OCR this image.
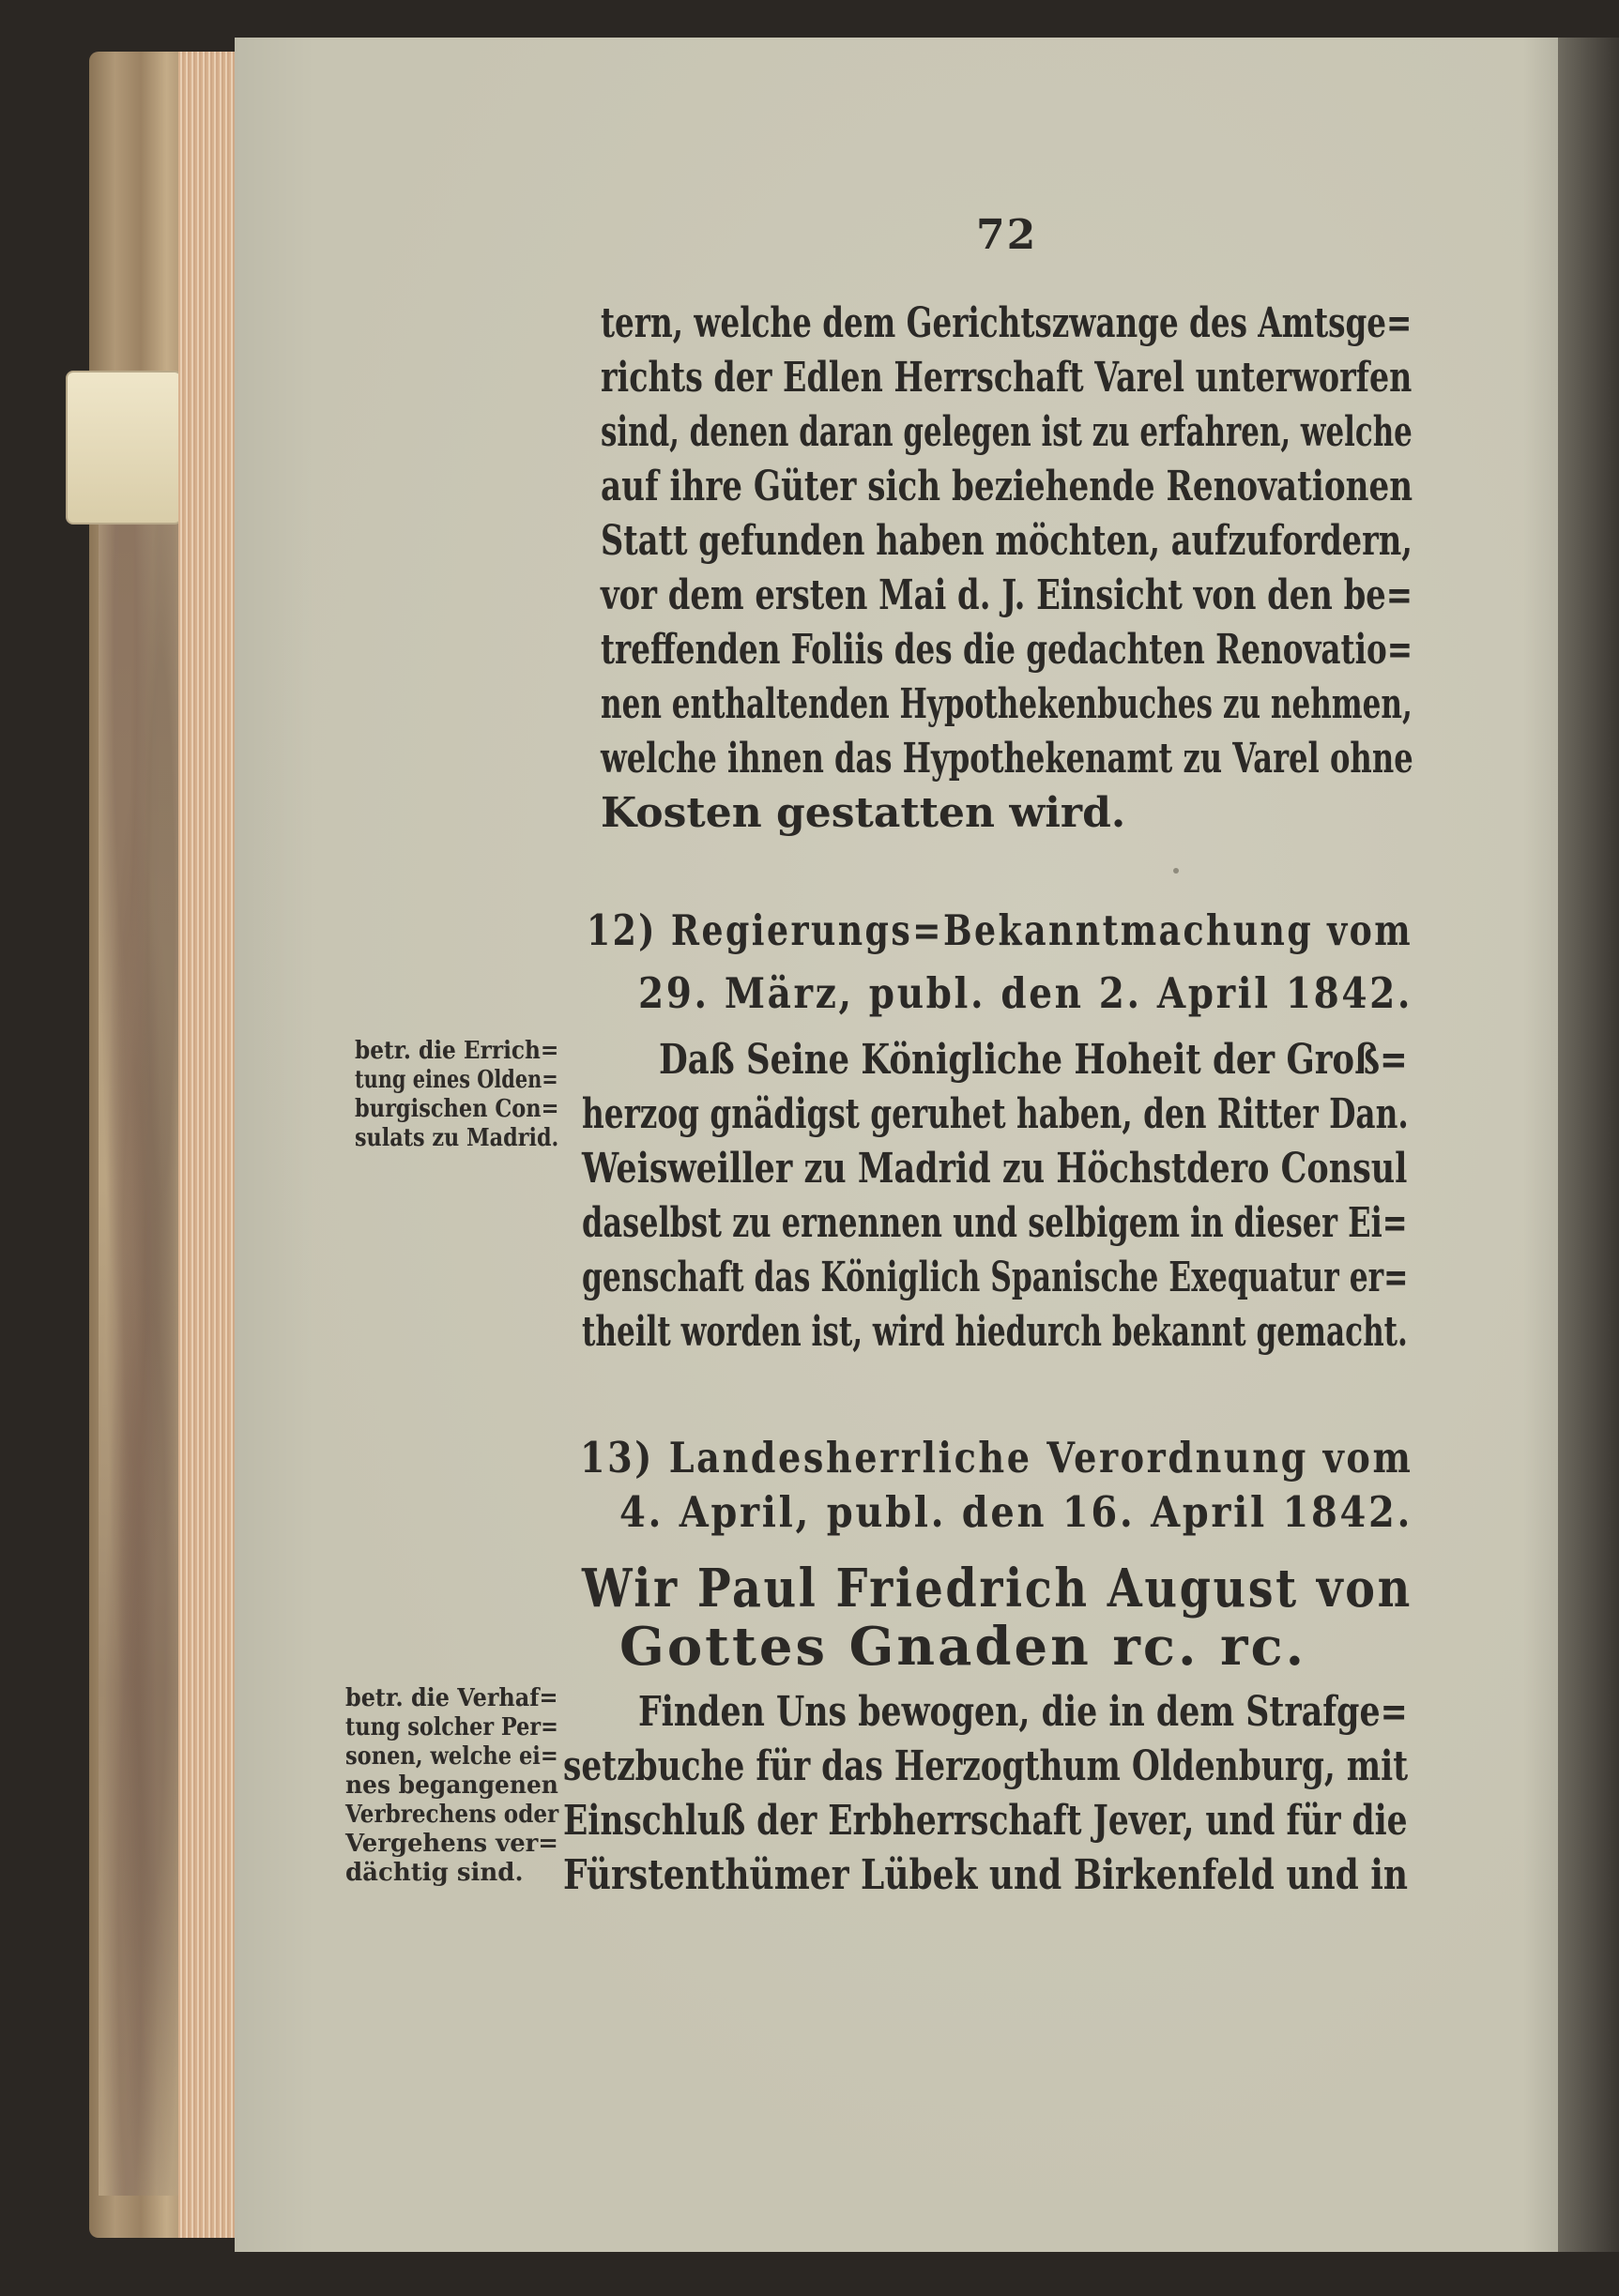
72
tern, welche dem Gerichtszwange des Amtsge=
richts der Edlen Herrschaft Varel unterworfen
sind, denen daran gelegen ist zu erfahren, welche
auf ihre Güter sich beziehende Renovationen
Statt gefunden haben möchten, aufzufordern,
vor dem ersten Mai d. J. Einsicht von den be=
treffenden Foliis des die gedachten Renovatio=
nen enthaltenden Hypothekenbuches zu nehmen,
welche ihnen das Hypothekenamt zu Varel ohne
Kosten gestatten wird.
12) Regierungs=Bekanntmachung vom
29. März, publ. den 2. April 1842.
betr. die Errich=
tung eines Olden=
burgischen Con=
sulats zu Madrid.
Daß Seine Königliche Hoheit der Groß=
herzog gnädigst geruhet haben, den Ritter Dan.
Weisweiller zu Madrid zu Höchstdero Consul
daselbst zu ernennen und selbigem in dieser Ei=
genschaft das Königlich Spanische Exequatur er=
theilt worden ist, wird hiedurch bekannt gemacht.
13) Landesherrliche Verordnung vom
4. April, publ. den 16. April 1842.
Wir Paul Friedrich August von
Gottes Gnaden rc. rc.
betr. die Verhaf=
tung solcher Per=
sonen, welche ei=
nes begangenen
Verbrechens oder
Vergehens ver=
dächtig sind.
Finden Uns bewogen, die in dem Strafge=
setzbuche für das Herzogthum Oldenburg, mit
Einschluß der Erbherrschaft Jever, und für die
Fürstenthümer Lübek und Birkenfeld und in
